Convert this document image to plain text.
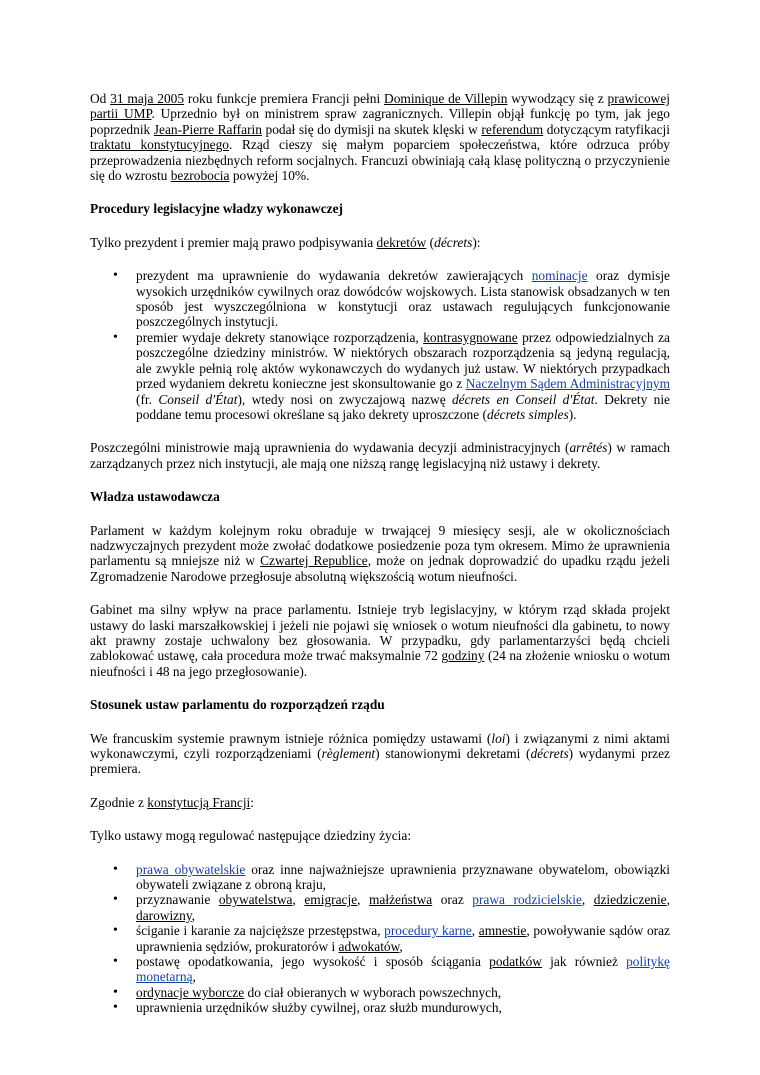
Od 31 maja 2005 roku funkcje premiera Francji pełni Dominique de Villepin wywodzący się z prawicowej partii UMP. Uprzednio był on ministrem spraw zagranicznych. Villepin objął funkcję po tym, jak jego poprzednik Jean-Pierre Raffarin podał się do dymisji na skutek klęski w referendum dotyczącym ratyfikacji traktatu konstytucyjnego. Rząd cieszy się małym poparciem społeczeństwa, które odrzuca próby przeprowadzenia niezbędnych reform socjalnych. Francuzi obwiniają całą klasę polityczną o przyczynienie się do wzrostu bezrobocia powyżej 10%.

Procedury legislacyjne władzy wykonawczej

Tylko prezydent i premier mają prawo podpisywania dekretów (décrets):

• prezydent ma uprawnienie do wydawania dekretów zawierających nominacje oraz dymisje wysokich urzędników cywilnych oraz dowódców wojskowych. Lista stanowisk obsadzanych w ten sposób jest wyszczególniona w konstytucji oraz ustawach regulujących funkcjonowanie poszczególnych instytucji.
• premier wydaje dekrety stanowiące rozporządzenia, kontrasygnowane przez odpowiedzialnych za poszczególne dziedziny ministrów. W niektórych obszarach rozporządzenia są jedyną regulacją, ale zwykle pełnią rolę aktów wykonawczych do wydanych już ustaw. W niektórych przypadkach przed wydaniem dekretu konieczne jest skonsultowanie go z Naczelnym Sądem Administracyjnym (fr. Conseil d'État), wtedy nosi on zwyczajową nazwę décrets en Conseil d'État. Dekrety nie poddane temu procesowi określane są jako dekrety uproszczone (décrets simples).

Poszczególni ministrowie mają uprawnienia do wydawania decyzji administracyjnych (arrêtés) w ramach zarządzanych przez nich instytucji, ale mają one niższą rangę legislacyjną niż ustawy i dekrety.

Władza ustawodawcza

Parlament w każdym kolejnym roku obraduje w trwającej 9 miesięcy sesji, ale w okolicznościach nadzwyczajnych prezydent może zwołać dodatkowe posiedzenie poza tym okresem. Mimo że uprawnienia parlamentu są mniejsze niż w Czwartej Republice, może on jednak doprowadzić do upadku rządu jeżeli Zgromadzenie Narodowe przegłosuje absolutną większością wotum nieufności.

Gabinet ma silny wpływ na prace parlamentu. Istnieje tryb legislacyjny, w którym rząd składa projekt ustawy do laski marszałkowskiej i jeżeli nie pojawi się wniosek o wotum nieufności dla gabinetu, to nowy akt prawny zostaje uchwalony bez głosowania. W przypadku, gdy parlamentarzyści będą chcieli zablokować ustawę, cała procedura może trwać maksymalnie 72 godziny (24 na złożenie wniosku o wotum nieufności i 48 na jego przegłosowanie).

Stosunek ustaw parlamentu do rozporządzeń rządu

We francuskim systemie prawnym istnieje różnica pomiędzy ustawami (loi) i związanymi z nimi aktami wykonawczymi, czyli rozporządzeniami (règlement) stanowionymi dekretami (décrets) wydanymi przez premiera.

Zgodnie z konstytucją Francji:

Tylko ustawy mogą regulować następujące dziedziny życia:

• prawa obywatelskie oraz inne najważniejsze uprawnienia przyznawane obywatelom, obowiązki obywateli związane z obroną kraju,
• przyznawanie obywatelstwa, emigracje, małżeństwa oraz prawa rodzicielskie, dziedziczenie, darowizny,
• ściganie i karanie za najcięższe przestępstwa, procedury karne, amnestie, powoływanie sądów oraz uprawnienia sędziów, prokuratorów i adwokatów,
• postawę opodatkowania, jego wysokość i sposób ściągania podatków jak również politykę monetarną,
• ordynacje wyborcze do ciał obieranych w wyborach powszechnych,
• uprawnienia urzędników służby cywilnej, oraz służb mundurowych,
